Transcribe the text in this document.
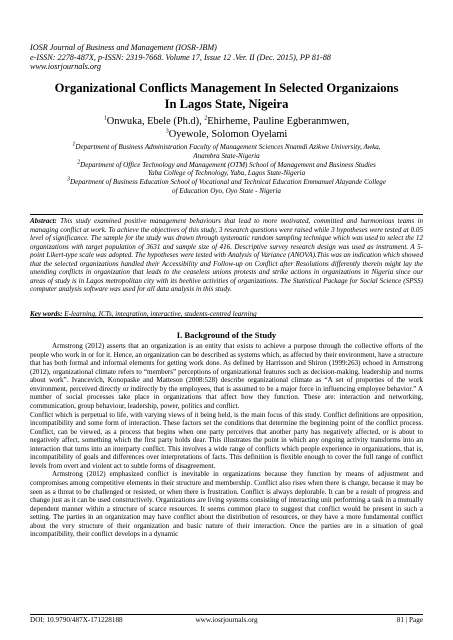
IOSR Journal of Business and Management (IOSR-JBM)
e-ISSN: 2278-487X, p-ISSN: 2319-7668. Volume 17, Issue 12 .Ver. II (Dec. 2015), PP 81-88
www.iosrjournals.org
Organizational Conflicts Management In Selected Organizaions
In Lagos State, Nigeira
$^1$Onwuka, Ebele (Ph.d), $^2$Ehirheme, Pauline Egberanmwen,
$^3$Oyewole, Solomon Oyelami
$^1$Department of Business Administration Faculty of Management Sciences Nnamdi Azikwe University, Awka,
Anambra State-Nigeria
$^2$Department of Office Technology and Management (OTM) School of Management and Business Studies
Yaba College of Technology, Yaba, Lagos State-Nigeria
$^3$Department of Business Education School of Vocational and Technical Education Emmanuel Alayande College
of Education Oyo, Oyo State - Nigeria
Abstract: This study examined positive management behaviours that lead to more motivated, committed and harmonious teams in managing conflict at work. To achieve the objectives of this study, 3 research questions were raised while 3 hypotheses were tested at 0.05 level of significance. The sample for the study was drawn through systematic random sampling technique which was used to select the 12 organizations with target population of 3631 and sample size of 416. Descriptive survey research design was used as instrument. A 5-point Likert-type scale was adopted. The hypotheses were tested with Analysis of Variance (ANOVA).This was an indication which showed that the selected organizations handled their Accessibility and Follow-up on Conflict after Resolutions differently therein might lay the unending conflicts in organization that leads to the ceaseless unions protests and strike actions in organizations in Nigeria since our areas of study is in Lagos metropolitan city with its beehive activities of organizations. The Statistical Package for Social Science (SPSS) computer analysis software was used for all data analysis in this study.
Key words: E-learning, ICTs, integration, interactive, students-centred learning
I. Background of the Study

Armstrong (2012) asserts that an organization is an entity that exists to achieve a purpose through the collective efforts of the people who work in or for it. Hence, an organization can be described as systems which, as affected by their environment, have a structure that has both formal and informal elements for getting work done. As defined by Harrisson and Shiron (1999:263) echoed in Armstrong (2012), organizational climate refers to “members” perceptions of organizational features such as decision-making, leadership and norms about work”. Ivancevich, Konopaske and Matteson (2008:528) describe organizational climate as “A set of properties of the work environment, perceived directly or indirectly by the employees, that is assumed to be a major force in influencing employee behavior.” A number of social processes take place in organizations that affect how they function. These are: interaction and networking, communication, group behaviour, leadership, power, politics and conflict.

Conflict which is perpetual to life, with varying views of it being held, is the main focus of this study. Conflict definitions are opposition, incompatibility and some form of interaction. These factors set the conditions that determine the beginning point of the conflict process. Conflict, can be viewed, as a process that begins when one party perceives that another party has negatively affected, or is about to negatively affect, something which the first party holds dear. This illustrates the point in which any ongoing activity transforms into an interaction that turns into an interparty conflict. This involves a wide range of conflicts which people experience in organizations, that is, incompatibility of goals and differences over interpretations of facts. This definition is flexible enough to cover the full range of conflict levels from overt and violent act to subtle forms of disagreement.

Armstrong (2012) emphasized conflict is inevitable in organizations because they function by means of adjustment and compromises among competitive elements in their structure and membership. Conflict also rises when there is change, because it may be seen as a threat to be challenged or resisted, or when there is frustration. Conflict is always deplorable. It can be a result of progress and change just as it can be used constructively. Organizations are living systems consisting of interacting unit performing a task in a mutually dependent manner within a structure of scarce resources. It seems common place to suggest that conflict would be present in such a setting. The parties in an organization may have conflict about the distribution of resources, or they have a more fundamental conflict about the very structure of their organization and basic nature of their interaction. Once the parties are in a situation of goal incompatibility, their conflict develops in a dynamic

DOI: 10.9790/487X-171228188	www.iosrjournals.org	81 | Page
